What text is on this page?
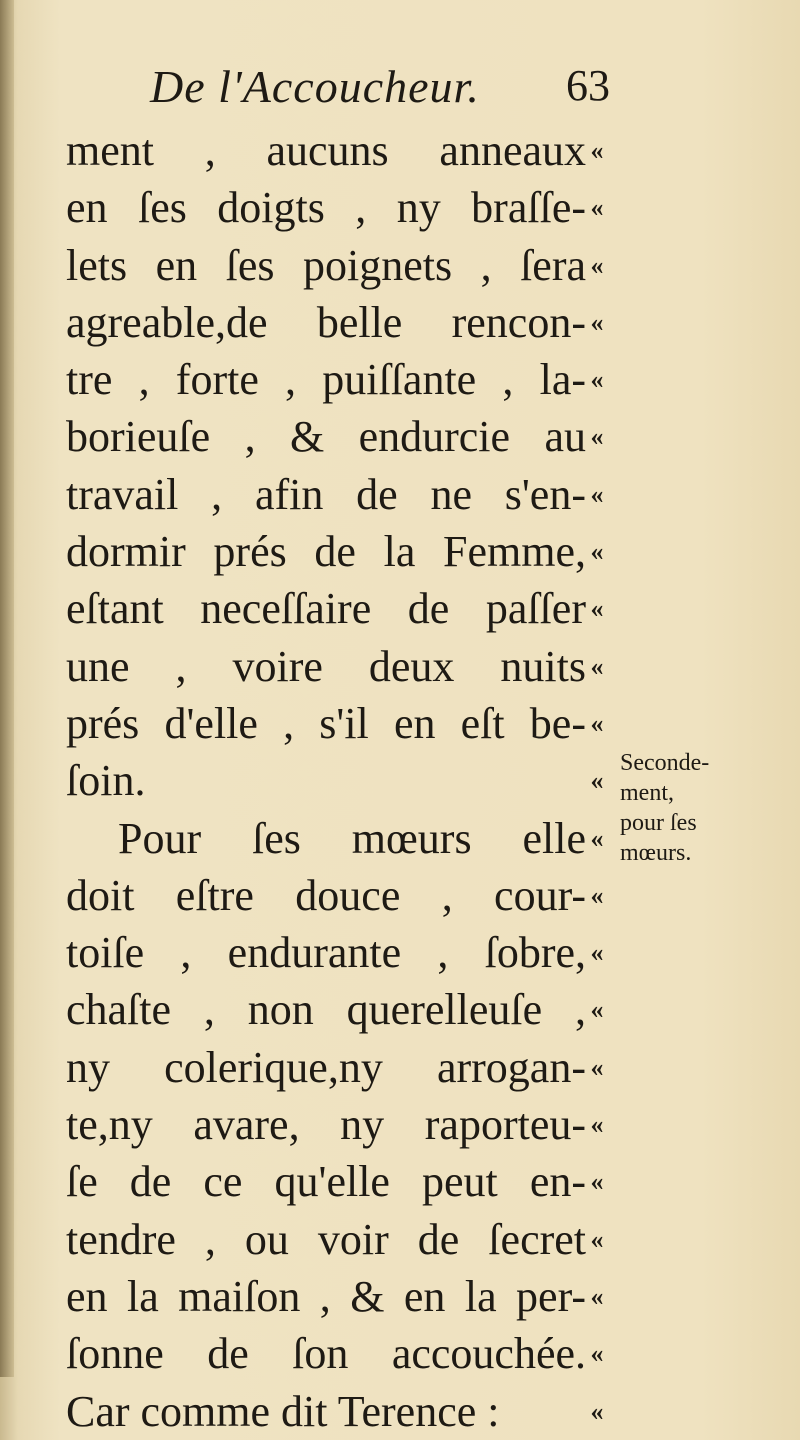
De l'Accoucheur. 63
ment , aucuns anneaux
en ſes doigts , ny braſſe-
lets en ſes poignets , ſera
agreable,de belle rencon-
tre , forte , puiſſante , la-
borieuſe , & endurcie au
travail , afin de ne s'en-
dormir prés de la Femme,
eſtant neceſſaire de paſſer
une , voire deux nuits
prés d'elle , s'il en eſt be-
ſoin.
Pour ſes mœurs elle
doit eſtre douce , cour-
toiſe , endurante , ſobre,
chaſte , non querelleuſe ,
ny colerique,ny arrogan-
te,ny avare, ny raporteu-
ſe de ce qu'elle peut en-
tendre , ou voir de ſecret
en la maiſon , & en la per-
ſonne de ſon accouchée.
Car comme dit Terence :
«
«
«
«
«
«
«
«
«
«
«
«
«
«
«
«
«
«
«
«
«
«
«
Seconde-
ment,
pour ſes
mœurs.
